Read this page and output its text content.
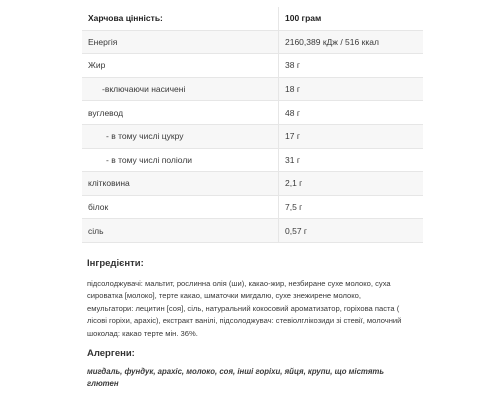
Харчова цінність:	100 грам
Енергія	2160,389 кДж / 516 ккал
Жир	38 г
-включаючи насичені	18 г
вуглевод	48 г
- в тому числі цукру	17 г
- в тому числі поліоли	31 г
клітковина	2,1 г
білок	7,5 г
сіль	0,57 г
Інгредієнти:
підсолоджувачі: мальтит, рослинна олія (ши), какао-жир, незбиране сухе молоко, суха сироватка [молоко], терте какао, шматочки мигдалю, сухе знежирене молоко, емульгатори: лецитин [соя], сіль, натуральний кокосовий ароматизатор, горіхова паста ( лісові горіхи, арахіс), екстракт ванілі, підсолоджувач: стевіолглікозиди зі стевії, молочний шоколад: какао терте мін. 36%.
Алергени:
мигдаль, фундук, арахіс, молоко, соя, інші горіхи, яйця, крупи, що містять глютен
